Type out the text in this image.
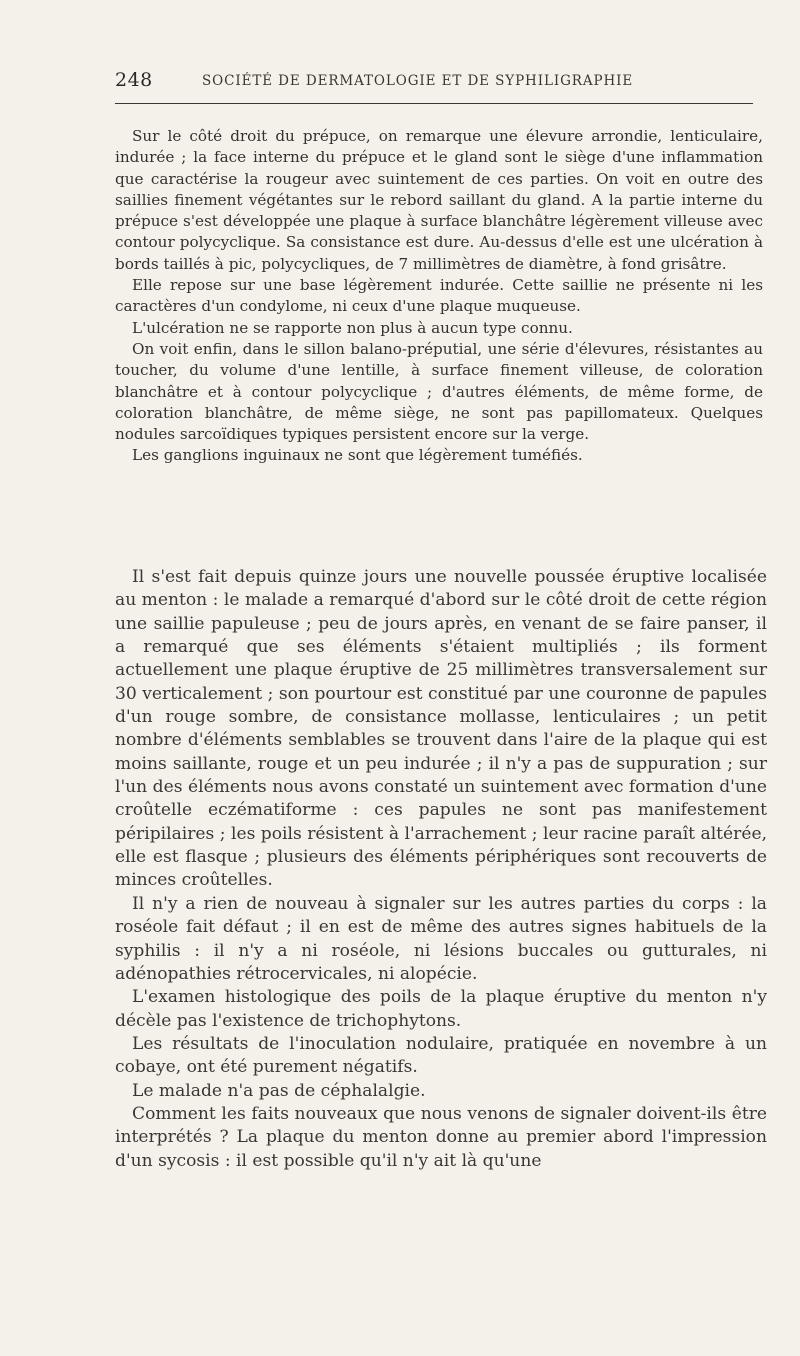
248	SOCIÉTÉ DE DERMATOLOGIE ET DE SYPHILIGRAPHIE

Sur le côté droit du prépuce, on remarque une élevure arrondie, lenticulaire, indurée ; la face interne du prépuce et le gland sont le siège d'une inflammation que caractérise la rougeur avec suintement de ces parties. On voit en outre des saillies finement végétantes sur le rebord saillant du gland. A la partie interne du prépuce s'est développée une plaque à surface blanchâtre légèrement villeuse avec contour polycyclique. Sa consistance est dure. Au-dessus d'elle est une ulcération à bords taillés à pic, polycycliques, de 7 millimètres de diamètre, à fond grisâtre.

Elle repose sur une base légèrement indurée. Cette saillie ne présente ni les caractères d'un condylome, ni ceux d'une plaque muqueuse.

L'ulcération ne se rapporte non plus à aucun type connu.

On voit enfin, dans le sillon balano-préputial, une série d'élevures, résistantes au toucher, du volume d'une lentille, à surface finement villeuse, de coloration blanchâtre et à contour polycyclique ; d'autres éléments, de même forme, de coloration blanchâtre, de même siège, ne sont pas papillomateux. Quelques nodules sarcoïdiques typiques persistent encore sur la verge.

Les ganglions inguinaux ne sont que légèrement tuméfiés.

Il s'est fait depuis quinze jours une nouvelle poussée éruptive localisée au menton : le malade a remarqué d'abord sur le côté droit de cette région une saillie papuleuse ; peu de jours après, en venant de se faire panser, il a remarqué que ses éléments s'étaient multipliés ; ils forment actuellement une plaque éruptive de 25 millimètres transversalement sur 30 verticalement ; son pourtour est constitué par une couronne de papules d'un rouge sombre, de consistance mollasse, lenticulaires ; un petit nombre d'éléments semblables se trouvent dans l'aire de la plaque qui est moins saillante, rouge et un peu indurée ; il n'y a pas de suppuration ; sur l'un des éléments nous avons constaté un suintement avec formation d'une croûtelle eczématiforme : ces papules ne sont pas manifestement péripilaires ; les poils résistent à l'arrachement ; leur racine paraît altérée, elle est flasque ; plusieurs des éléments périphériques sont recouverts de minces croûtelles.

Il n'y a rien de nouveau à signaler sur les autres parties du corps : la roséole fait défaut ; il en est de même des autres signes habituels de la syphilis : il n'y a ni roséole, ni lésions buccales ou gutturales, ni adénopathies rétrocervicales, ni alopécie.

L'examen histologique des poils de la plaque éruptive du menton n'y décèle pas l'existence de trichophytons.

Les résultats de l'inoculation nodulaire, pratiquée en novembre à un cobaye, ont été purement négatifs.

Le malade n'a pas de céphalalgie.

Comment les faits nouveaux que nous venons de signaler doivent-ils être interprétés ? La plaque du menton donne au premier abord l'impression d'un sycosis : il est possible qu'il n'y ait là qu'une
